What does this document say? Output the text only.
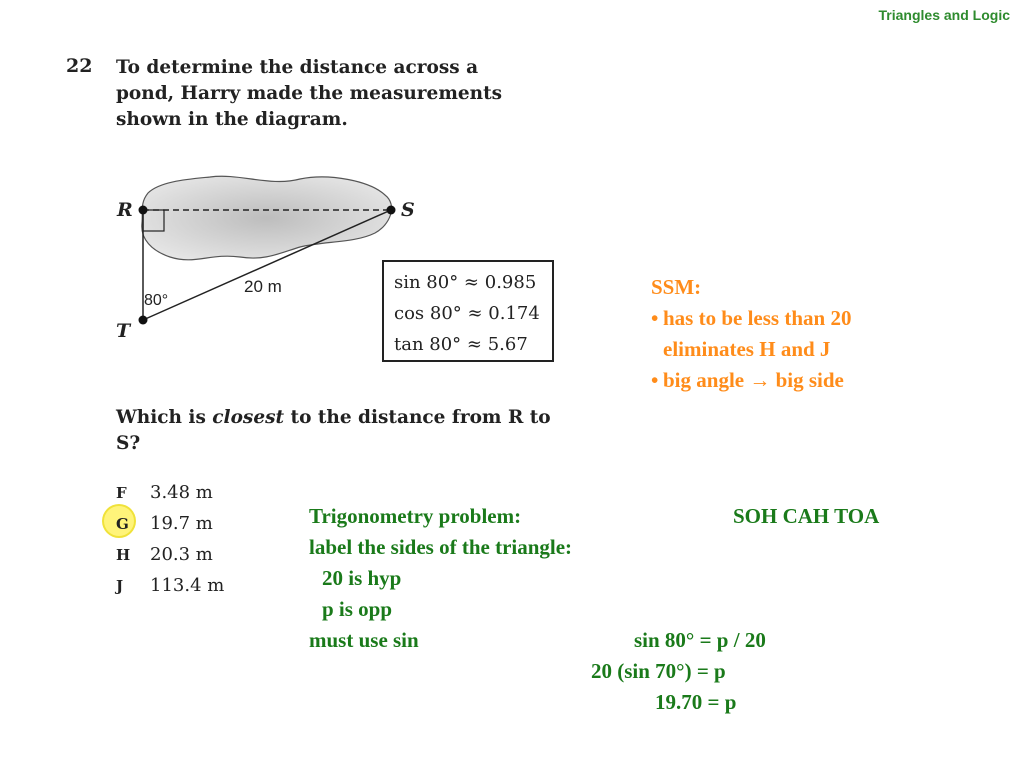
Triangles and Logic
22 To determine the distance across a
pond, Harry made the measurements
shown in the diagram.
R	S
T
80°
20 m	sin 80° ≈ 0.985
cos 80° ≈ 0.174
tan 80° ≈ 5.67
Which is closest to the distance from R to S?
F	3.48 m
G	19.7 m
H	20.3 m
J	113.4 m
SSM:
• has to be less than 20
eliminates H and J
• big angle → big side
Trigonometry problem:	SOH CAH TOA
label the sides of the triangle:
20 is hyp
p is opp
must use sin	sin 80° = p / 20
20 (sin 70°) = p
19.70 = p
